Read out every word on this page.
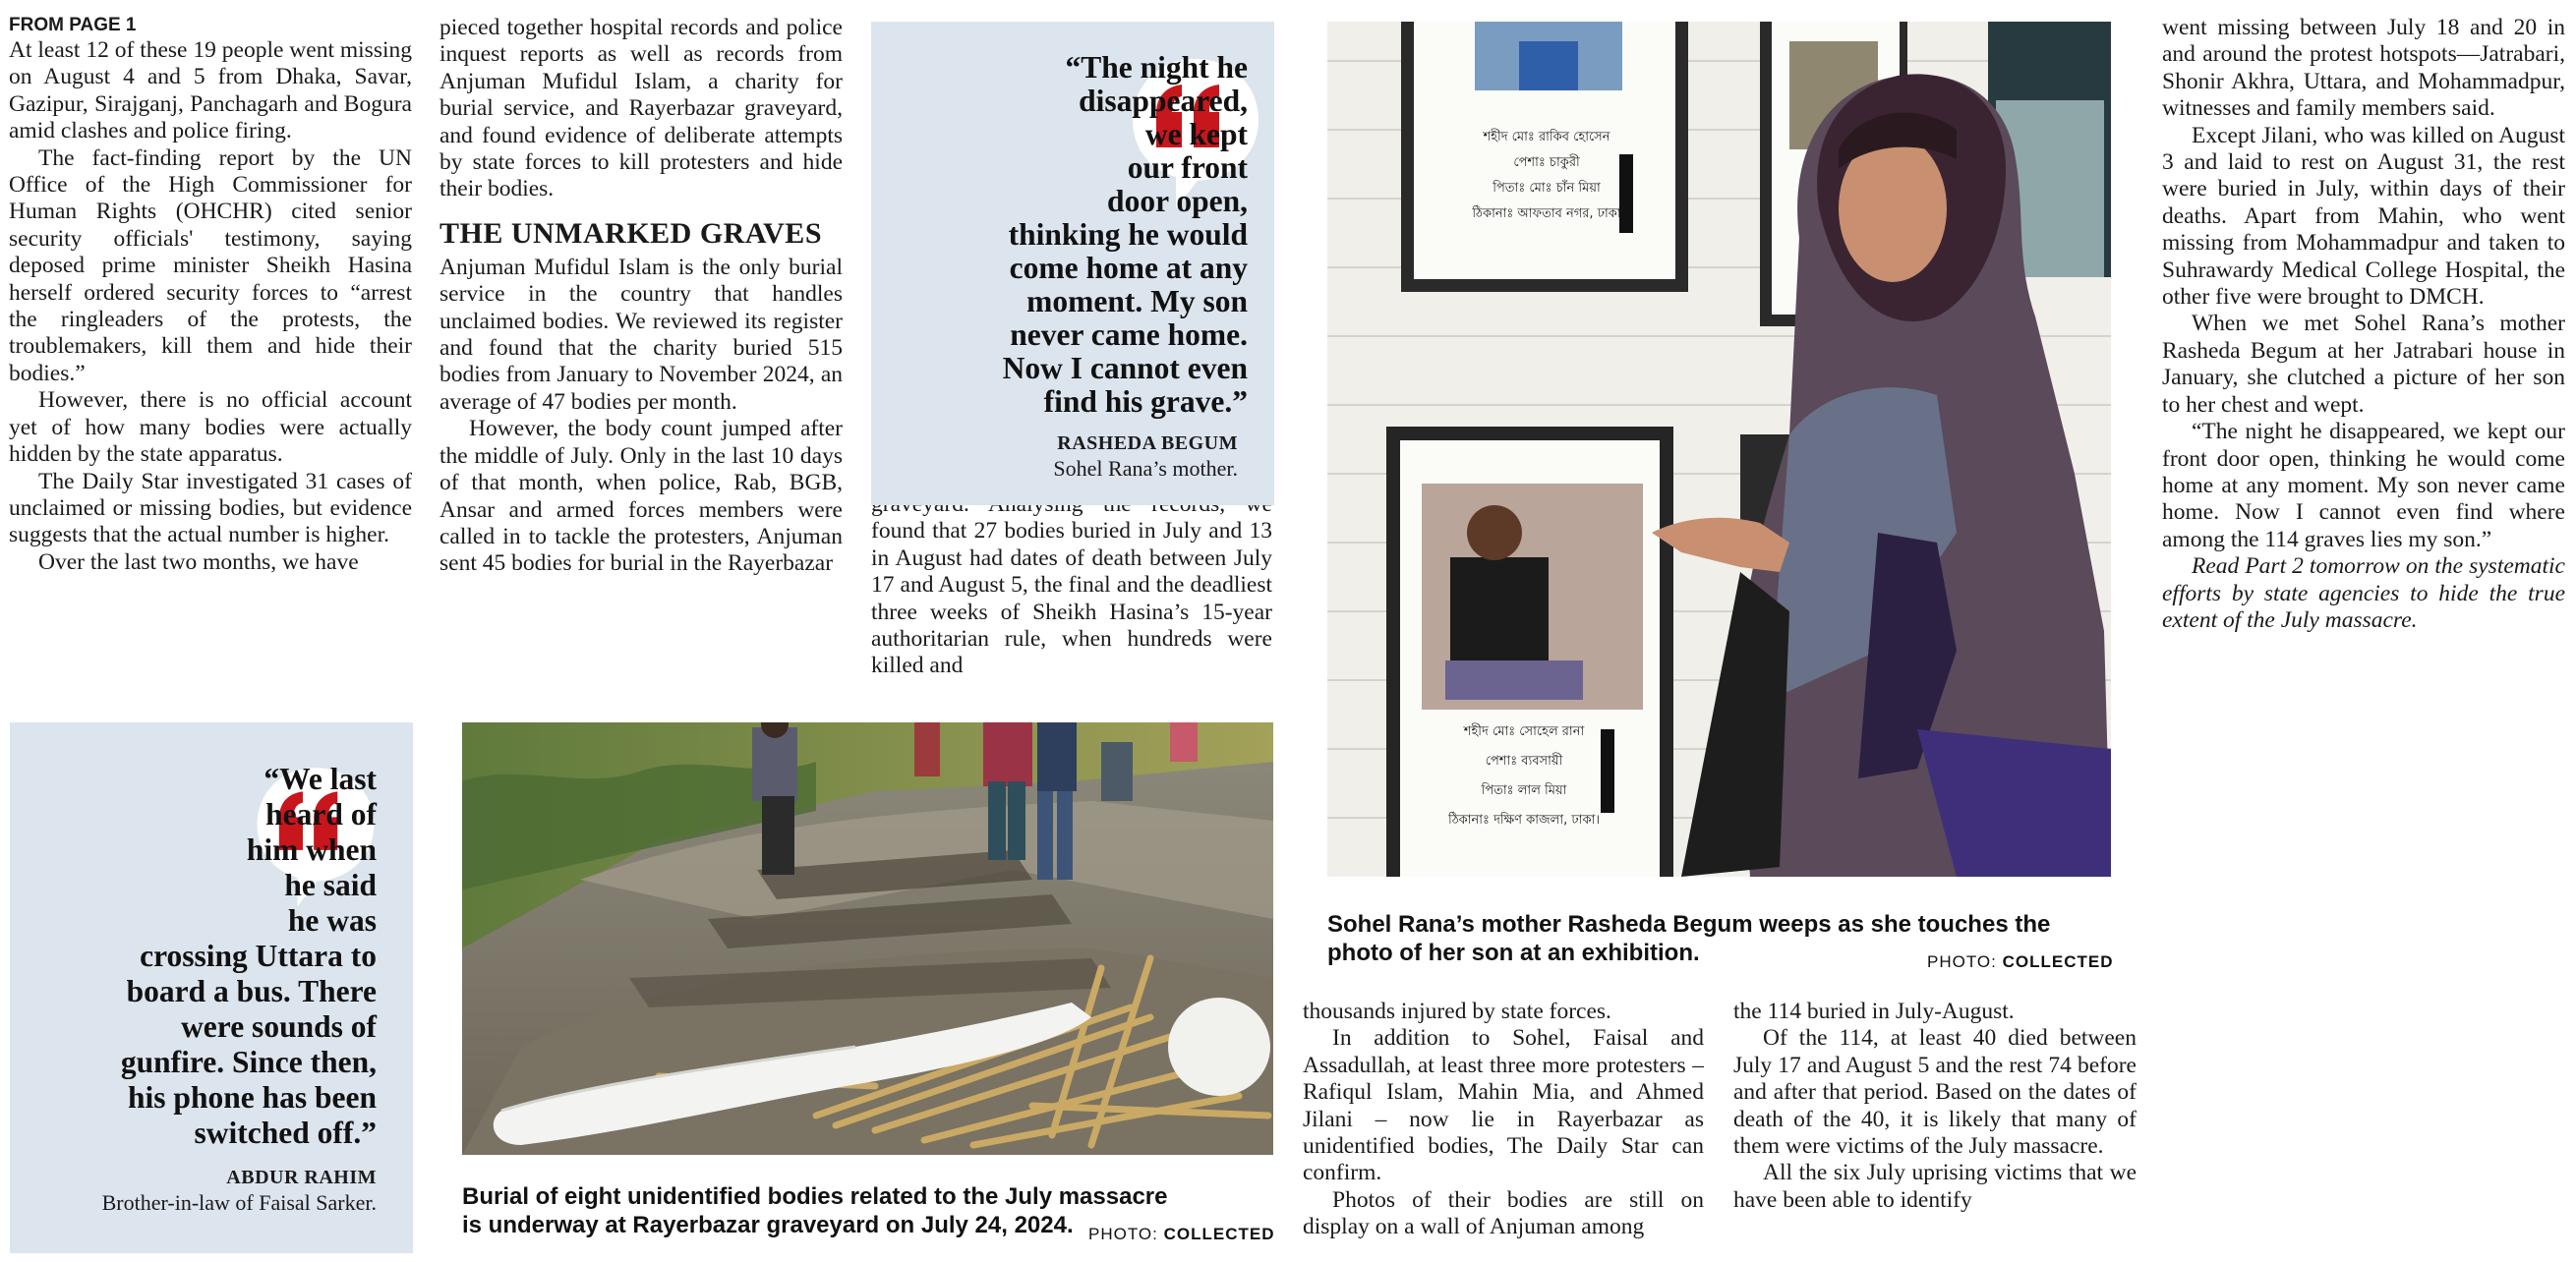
FROM PAGE 1

At least 12 of these 19 people went missing on August 4 and 5 from Dhaka, Savar, Gazipur, Sirajganj, Panchagarh and Bogura amid clashes and police firing.

The fact-finding report by the UN Office of the High Commissioner for Human Rights (OHCHR) cited senior security officials' testimony, saying deposed prime minister Sheikh Hasina herself ordered security forces to “arrest the ringleaders of the protests, the troublemakers, kill them and hide their bodies.”

However, there is no official account yet of how many bodies were actually hidden by the state apparatus.

The Daily Star investigated 31 cases of unclaimed or missing bodies, but evidence suggests that the actual number is higher.

Over the last two months, we have

pieced together hospital records and police inquest reports as well as records from Anjuman Mufidul Islam, a charity for burial service, and Rayerbazar graveyard, and found evidence of deliberate attempts by state forces to kill protesters and hide their bodies.

THE UNMARKED GRAVES

Anjuman Mufidul Islam is the only burial service in the country that handles unclaimed bodies. We reviewed its register and found that the charity buried 515 bodies from January to November 2024, an average of 47 bodies per month.

However, the body count jumped after the middle of July. Only in the last 10 days of that month, when police, Rab, BGB, Ansar and armed forces members were called in to tackle the protesters, Anjuman sent 45 bodies for burial in the Rayerbazar

found that 27 bodies buried in July and 13 in August had dates of death between July 17 and August 5, the final and the deadliest three weeks of Sheikh Hasina’s 15-year authoritarian rule, when hundreds were killed and

“The night he
disappeared,
we kept
our front
door open,
thinking he would
come home at any
moment. My son
never came home.
Now I cannot even
find his grave.”
RASHEDA BEGUM
Sohel Rana’s mother.
“We last
heard of
him when
he said
he was
crossing Uttara to
board a bus. There
were sounds of
gunfire. Since then,
his phone has been
switched off.”
ABDUR RAHIM
Brother-in-law of Faisal Sarker.	Burial of eight unidentified bodies related to the July massacre is underway at Rayerbazar graveyard on July 24, 2024. PHOTO: COLLECTED
শহীদ মোঃ রাকিব হোসেন
পেশাঃ চাকুরী
পিতাঃ মোঃ চাঁন মিয়া
ঠিকানাঃ আফতাব নগর, ঢাকা
শহীদ মোঃ সোহেল রানা
পেশাঃ ব্যবসায়ী
পিতাঃ লাল মিয়া
ঠিকানাঃ দক্ষিণ কাজলা, ঢাকা।
Sohel Rana’s mother Rasheda Begum weeps as she touches the photo of her son at an exhibition.	PHOTO: COLLECTED

thousands injured by state forces.

In addition to Sohel, Faisal and Assadullah, at least three more protesters – Rafiqul Islam, Mahin Mia, and Ahmed Jilani – now lie in Rayerbazar as unidentified bodies, The Daily Star can confirm.

Photos of their bodies are still on display on a wall of Anjuman among

the 114 buried in July-August.

Of the 114, at least 40 died between July 17 and August 5 and the rest 74 before and after that period. Based on the dates of death of the 40, it is likely that many of them were victims of the July massacre.

All the six July uprising victims that we have been able to identify

went missing between July 18 and 20 in and around the protest hotspots—Jatrabari, Shonir Akhra, Uttara, and Mohammadpur, witnesses and family members said.

Except Jilani, who was killed on August 3 and laid to rest on August 31, the rest were buried in July, within days of their deaths. Apart from Mahin, who went missing from Mohammadpur and taken to Suhrawardy Medical College Hospital, the other five were brought to DMCH.

When we met Sohel Rana’s mother Rasheda Begum at her Jatrabari house in January, she clutched a picture of her son to her chest and wept.

“The night he disappeared, we kept our front door open, thinking he would come home at any moment. My son never came home. Now I cannot even find where among the 114 graves lies my son.”

Read Part 2 tomorrow on the systematic efforts by state agencies to hide the true extent of the July massacre.
